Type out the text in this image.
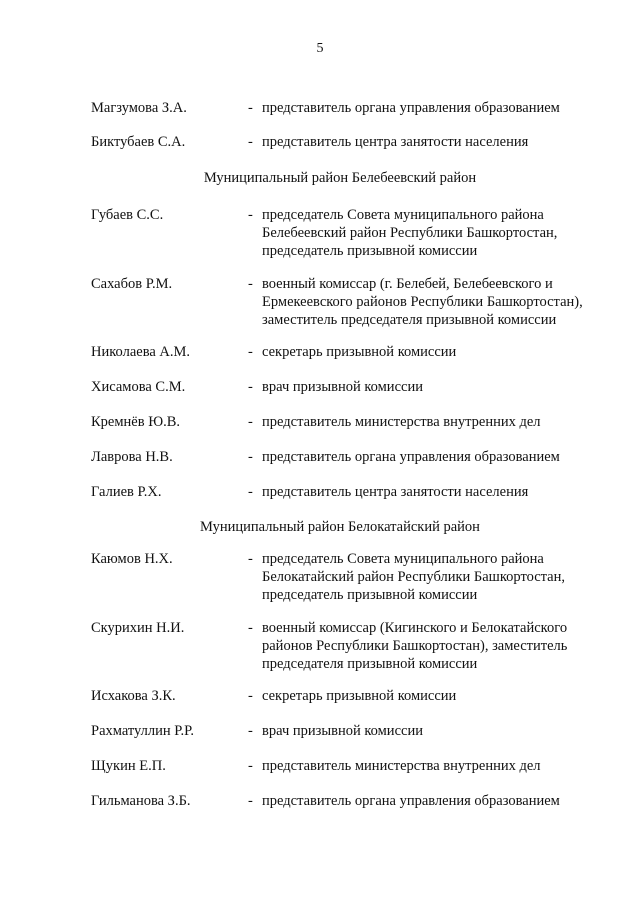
5
Магзумова З.А.	- представитель органа управления образованием
Биктубаев С.А.	- представитель центра занятости населения
Муниципальный район Белебеевский район
Губаев С.С.	- председатель Совета муниципального района
Белебеевский район Республики Башкортостан,
председатель призывной комиссии
Сахабов Р.М.	- военный комиссар (г. Белебей, Белебеевского и
Ермекеевского районов Республики Башкортостан),
заместитель председателя призывной комиссии
Николаева А.М.	- секретарь призывной комиссии
Хисамова С.М.	- врач призывной комиссии
Кремнёв Ю.В.	- представитель министерства внутренних дел
Лаврова Н.В.	- представитель органа управления образованием
Галиев Р.Х.	- представитель центра занятости населения
Муниципальный район Белокатайский район
Каюмов Н.Х.	- председатель Совета муниципального района
Белокатайский район Республики Башкортостан,
председатель призывной комиссии
Скурихин Н.И.	- военный комиссар (Кигинского и Белокатайского
районов Республики Башкортостан), заместитель
председателя призывной комиссии
Исхакова З.К.	- секретарь призывной комиссии
Рахматуллин Р.Р.	- врач призывной комиссии
Щукин Е.П.	- представитель министерства внутренних дел
Гильманова З.Б.	- представитель органа управления образованием
